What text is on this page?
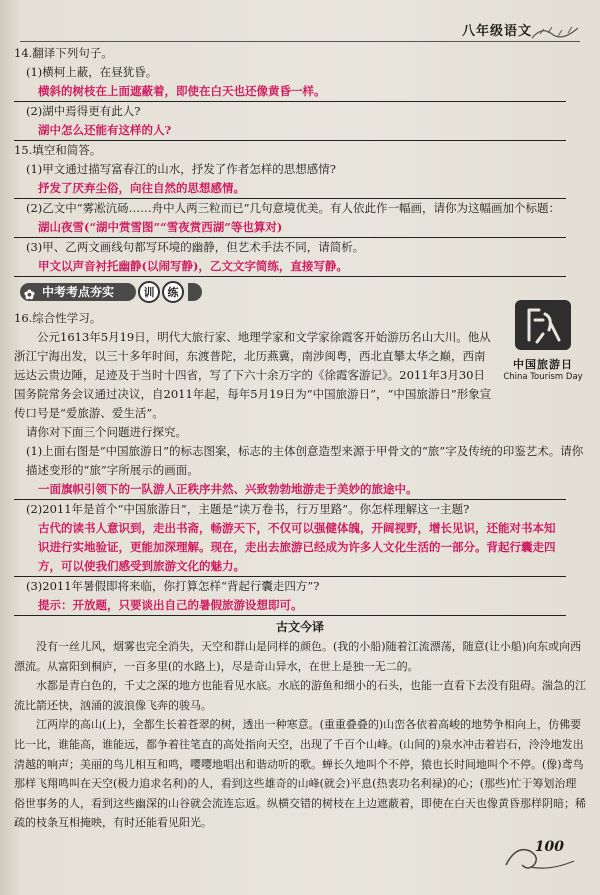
八年级语文
14.翻译下列句子。
(1)横柯上蔽，在昼犹昏。
横斜的树枝在上面遮蔽着，即使在白天也还像黄昏一样。
(2)湖中焉得更有此人?
湖中怎么还能有这样的人?
15.填空和简答。
(1)甲文通过描写富春江的山水，抒发了作者怎样的思想感情?
抒发了厌弃尘俗，向往自然的思想感情。
(2)乙文中“雾凇沆砀……舟中人两三粒而已”几句意境优美。有人依此作一幅画，请你为这幅画加个标题：
湖山夜雪(“湖中赏雪图”“雪夜赏西湖”等也算对)
(3)甲、乙两文画线句都写环境的幽静，但艺术手法不同，请简析。
甲文以声音衬托幽静(以闹写静)，乙文文字简练，直接写静。
✿ 中考考点夯实	训	练
16.综合性学习。
公元1613年5月19日，明代大旅行家、地理学家和文学家徐霞客开始游历名山大川。他从浙江宁海出发，以三十多年时间，东渡普陀，北历燕冀，南涉闽粤，西北直攀太华之巅，西南远达云贵边陲，足迹及于当时十四省，写了下六十余万字的《徐霞客游记》。2011年3月30日国务院常务会议通过决议，自2011年起，每年5月19日为“中国旅游日”，“中国旅游日”形象宣传口号是“爱旅游、爱生活”。
请你对下面三个问题进行探究。
(1)上面右图是“中国旅游日”的标志图案，标志的主体创意造型来源于甲骨文的“旅”字及传统的印鉴艺术。请你描述变形的“旅”字所展示的画面。
一面旗帜引领下的一队游人正秩序井然、兴致勃勃地游走于美妙的旅途中。
(2)2011年是首个“中国旅游日”，主题是“读万卷书，行万里路”。你怎样理解这一主题?
古代的读书人意识到，走出书斋，畅游天下，不仅可以强健体魄，开阔视野，增长见识，还能对书本知识进行实地验证，更能加深理解。现在，走出去旅游已经成为许多人文化生活的一部分。背起行囊走四方，可以使我们感受到旅游文化的魅力。
(3)2011年暑假即将来临，你打算怎样“背起行囊走四方”?
提示：开放题，只要谈出自己的暑假旅游设想即可。
古文今译
没有一丝儿风，烟雾也完全消失，天空和群山是同样的颜色。(我的小船)随着江流漂荡，随意(让小船)向东或向西漂流。从富阳到桐庐，一百多里(的水路上)，尽是奇山异水，在世上是独一无二的。
水都是青白色的，千丈之深的地方也能看见水底。水底的游鱼和细小的石头，也能一直看下去没有阻碍。湍急的江流比箭还快，汹涌的波浪像飞奔的骏马。
江两岸的高山(上)，全都生长着苍翠的树，透出一种寒意。(重重叠叠的)山峦各依着高峻的地势争相向上，仿佛要比一比，谁能高，谁能远，都争着往笔直的高处指向天空，出现了千百个山峰。(山间的)泉水冲击着岩石，泠泠地发出清越的响声；美丽的鸟儿相互和鸣，嘤嘤地唱出和谐动听的歌。蝉长久地叫个不停，猿也长时间地叫个不停。(像)鸢鸟那样飞翔鸣叫在天空(极力追求名利)的人，看到这些雄奇的山峰(就会)平息(热衷功名利禄)的心；(那些)忙于筹划治理俗世事务的人，看到这些幽深的山谷就会流连忘返。纵横交错的树枝在上边遮蔽着，即使在白天也像黄昏那样阴暗；稀疏的枝条互相掩映，有时还能看见阳光。
中国旅游日
China Tourism Day
100
